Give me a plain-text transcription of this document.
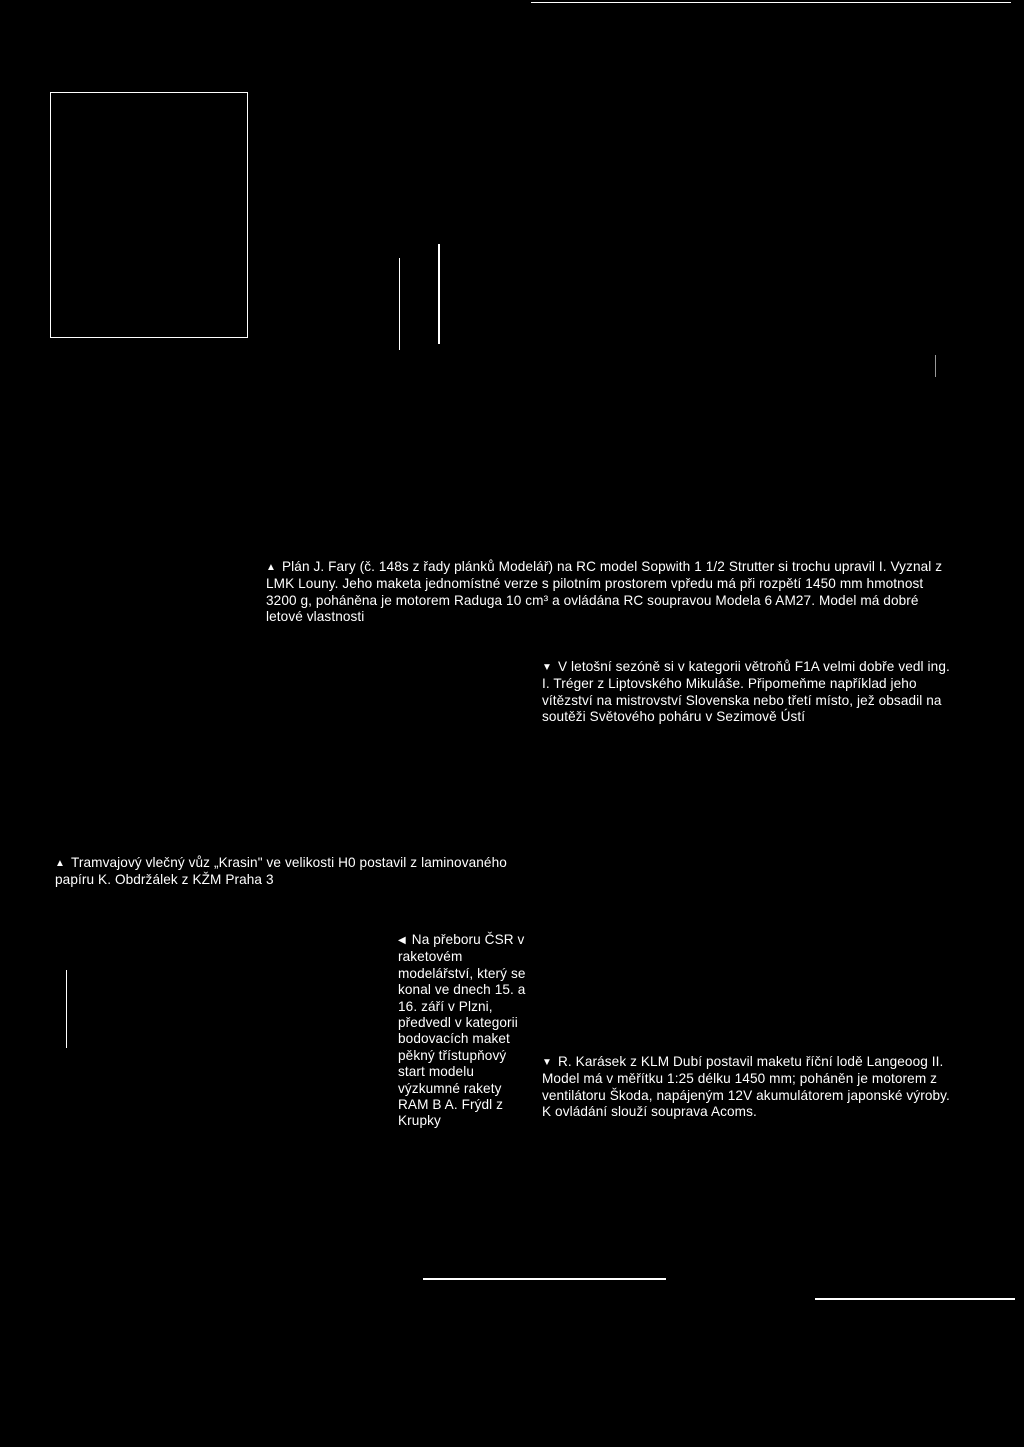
▲ Plán J. Fary (č. 148s z řady plánků Modelář) na RC model Sopwith 1 1/2 Strutter si trochu upravil I. Vyznal z LMK Louny. Jeho maketa jednomístné verze s pilotním prostorem vpředu má při rozpětí 1450 mm hmotnost 3200 g, poháněna je motorem Raduga 10 cm³ a ovládána RC soupravou Modela 6 AM27. Model má dobré letové vlastnosti
▼ V letošní sezóně si v kategorii větroňů F1A velmi dobře vedl ing. I. Tréger z Liptovského Mikuláše. Připomeňme například jeho vítězství na mistrovství Slovenska nebo třetí místo, jež obsadil na soutěži Světového poháru v Sezimově Ústí
▲ Tramvajový vlečný vůz „Krasin" ve velikosti H0 postavil z laminovaného papíru K. Obdržálek z KŽM Praha 3
◀ Na přeboru ČSR v raketovém modelářství, který se konal ve dnech 15. a 16. září v Plzni, předvedl v kategorii bodovacích maket pěkný třístupňový start modelu výzkumné rakety RAM B A. Frýdl z Krupky
▼ R. Karásek z KLM Dubí postavil maketu říční lodě Langeoog II. Model má v měřítku 1:25 délku 1450 mm; poháněn je motorem z ventilátoru Škoda, napájeným 12V akumulátorem japonské výroby. K ovládání slouží souprava Acoms.
